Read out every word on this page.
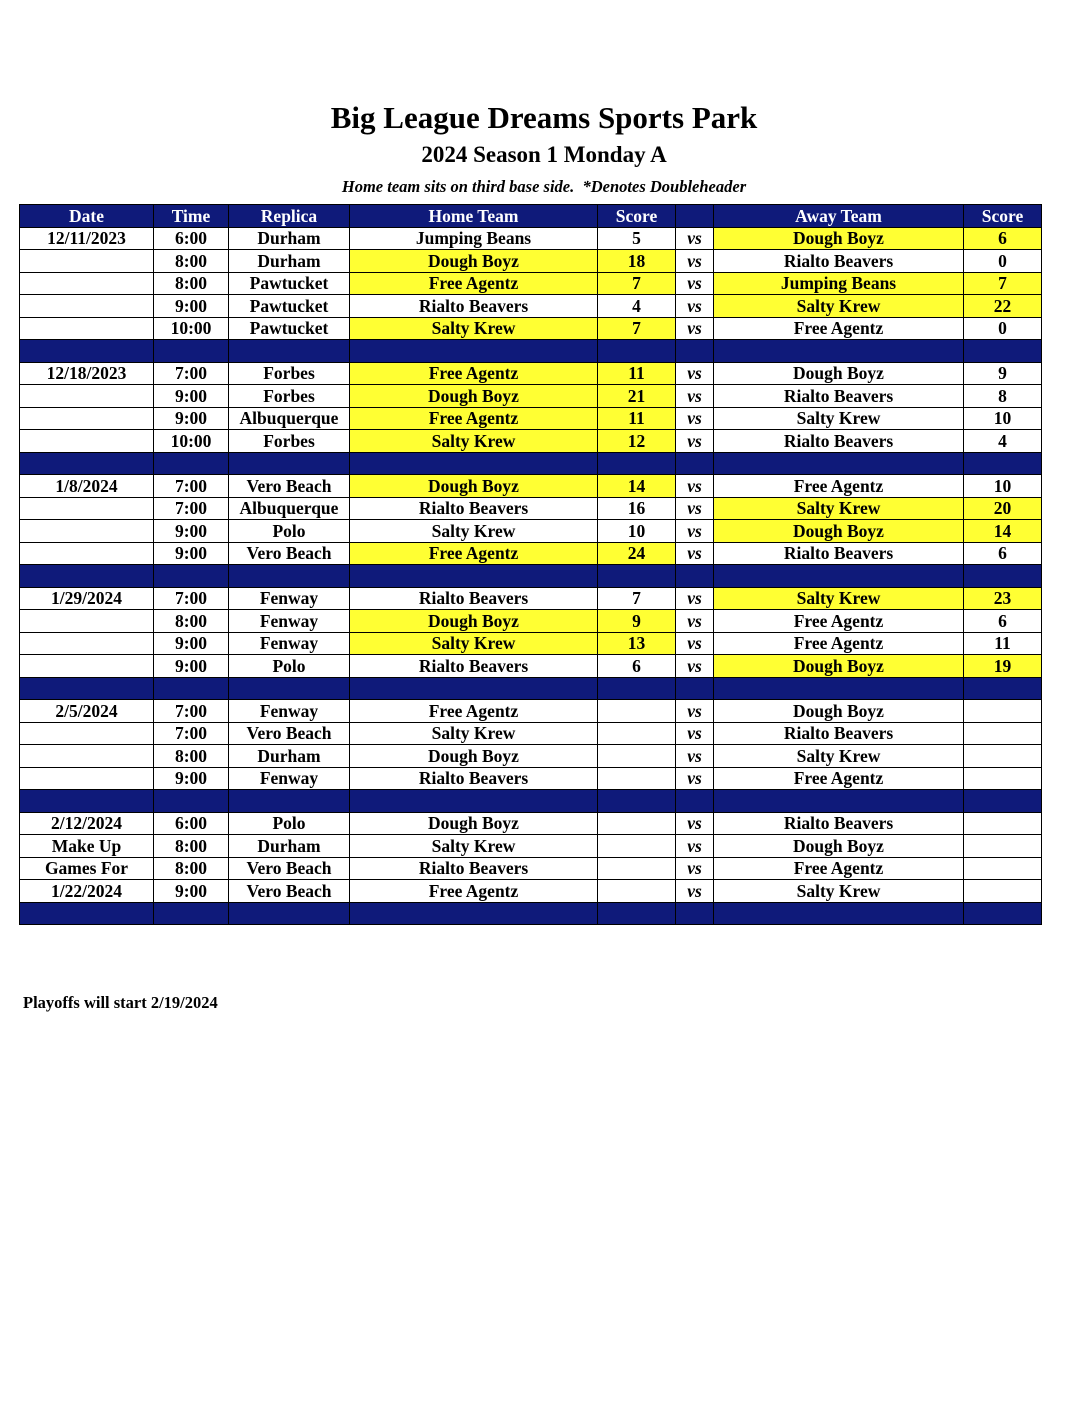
Big League Dreams Sports Park
2024 Season 1 Monday A
Home team sits on third base side.  *Denotes Doubleheader
Date	Time	Replica	Home Team	Score		Away Team	Score
12/11/2023	6:00	Durham	Jumping Beans	5	vs	Dough Boyz	6
	8:00	Durham	Dough Boyz	18	vs	Rialto Beavers	0
	8:00	Pawtucket	Free Agentz	7	vs	Jumping Beans	7
	9:00	Pawtucket	Rialto Beavers	4	vs	Salty Krew	22
	10:00	Pawtucket	Salty Krew	7	vs	Free Agentz	0

12/18/2023	7:00	Forbes	Free Agentz	11	vs	Dough Boyz	9
	9:00	Forbes	Dough Boyz	21	vs	Rialto Beavers	8
	9:00	Albuquerque	Free Agentz	11	vs	Salty Krew	10
	10:00	Forbes	Salty Krew	12	vs	Rialto Beavers	4

1/8/2024	7:00	Vero Beach	Dough Boyz	14	vs	Free Agentz	10
	7:00	Albuquerque	Rialto Beavers	16	vs	Salty Krew	20
	9:00	Polo	Salty Krew	10	vs	Dough Boyz	14
	9:00	Vero Beach	Free Agentz	24	vs	Rialto Beavers	6

1/29/2024	7:00	Fenway	Rialto Beavers	7	vs	Salty Krew	23
	8:00	Fenway	Dough Boyz	9	vs	Free Agentz	6
	9:00	Fenway	Salty Krew	13	vs	Free Agentz	11
	9:00	Polo	Rialto Beavers	6	vs	Dough Boyz	19

2/5/2024	7:00	Fenway	Free Agentz		vs	Dough Boyz	
	7:00	Vero Beach	Salty Krew		vs	Rialto Beavers	
	8:00	Durham	Dough Boyz		vs	Salty Krew	
	9:00	Fenway	Rialto Beavers		vs	Free Agentz	

2/12/2024	6:00	Polo	Dough Boyz		vs	Rialto Beavers	
Make Up	8:00	Durham	Salty Krew		vs	Dough Boyz	
Games For	8:00	Vero Beach	Rialto Beavers		vs	Free Agentz	
1/22/2024	9:00	Vero Beach	Free Agentz		vs	Salty Krew	

Playoffs will start 2/19/2024
